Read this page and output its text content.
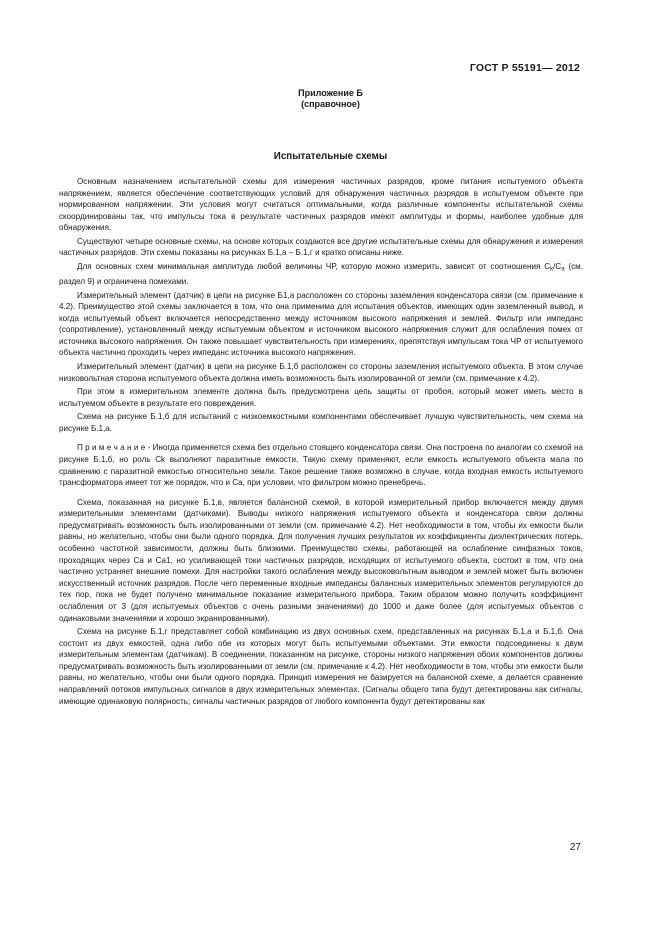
ГОСТ Р 55191— 2012
Приложение Б
(справочное)
Испытательные схемы

Основным назначением испытательной схемы для измерения частичных разрядов, кроме питания испытуемого объекта напряжением, является обеспечение соответствующих условий для обнаружения частичных разрядов в испытуемом объекте при нормированном напряжении. Эти условия могут считаться оптимальными, когда различные компоненты испытательной схемы скоординированы так, что импульсы тока в результате частичных разрядов имеют амплитуды и формы, наиболее удобные для обнаружения.

Существуют четыре основные схемы, на основе которых создаются все другие испытательные схемы для обнаружения и измерения частичных разрядов. Эти схемы показаны на рисунках Б.1,а – Б.1,г и кратко описаны ниже.

Для основных схем минимальная амплитуда любой величины ЧР, которую можно измерить, зависит от соотношения $C_k/C_a$ (см. раздел 9) и ограничена помехами.

Измерительный элемент (датчик) в цепи на рисунке Б1,а расположен со стороны заземления конденсатора связи (см. примечание к 4.2). Преимущество этой схемы заключается в том, что она применима для испытания объектов, имеющих один заземленный вывод, и когда испытуемый объект включается непосредственно между источником высокого напряжения и землей. Фильтр или импеданс (сопротивление), установленный между испытуемым объектом и источником высокого напряжения служит для ослабления помех от источника высокого напряжения. Он также повышает чувствительность при измерениях, препятствуя импульсам тока ЧР от испытуемого объекта частично проходить через импеданс источника высокого напряжения.

Измерительный элемент (датчик) в цепи на рисунке Б.1,б расположен со стороны заземления испытуемого объекта. В этом случае низковольтная сторона испытуемого объекта должна иметь возможность быть изолированной от земли (см. примечание к 4.2).

При этом в измерительном элементе должна быть предусмотрена цепь защиты от пробоя, который может иметь место в испытуемом объекте в результате его повреждения.

Схема на рисунке Б.1,б для испытаний с низкоемкостными компонентами обеспечивает лучшую чувствительность, чем схема на рисунке Б.1,а.

П р и м е ч а н и е - Иногда применяется схема без отдельно стоящего конденсатора связи. Она построена по аналогии со схемой на рисунке Б.1,б, но роль Ck выполняют паразитные емкости. Такую схему применяют, если емкость испытуемого объекта мала по сравнению с паразитной емкостью относительно земли. Такое решение также возможно в случае, когда входная емкость испытуемого трансформатора имеет тот же порядок, что и Ca, при условии, что фильтром можно пренебречь.

Схема, показанная на рисунке Б.1,в, является балансной схемой, в которой измерительный прибор включается между двумя измерительными элементами (датчиками). Выводы низкого напряжения испытуемого объекта и конденсатора связи должны предусматривать возможность быть изолированными от земли (см. примечание 4.2). Нет необходимости в том, чтобы их емкости были равны, но желательно, чтобы они были одного порядка. Для получения лучших результатов их коэффициенты диэлектрических потерь, особенно частотной зависимости, должны быть близкими. Преимущество схемы, работающей на ослабление синфазных токов, проходящих через Ca и Ca1, но усиливающей токи частичных разрядов, исходящих от испытуемого объекта, состоит в том, что она частично устраняет внешние помехи. Для настройки такого ослабления между высоковольтным выводом и землей может быть включен искусственный источник разрядов. После чего переменные входные импедансы балансных измерительных элементов регулируются до тех пор, пока не будет получено минимальное показание измерительного прибора. Таким образом можно получить коэффициент ослабления от 3 (для испытуемых объектов с очень разными значениями) до 1000 и даже более (для испытуемых объектов с одинаковыми значениями и хорошо экранированными).

Схема на рисунке Б.1,г представляет собой комбинацию из двух основных схем, представленных на рисунках Б.1,а и Б.1,б. Она состоит из двух емкостей, одна либо обе из которых могут быть испытуемыми объектами. Эти емкости подсоединены к двум измерительным элементам (датчикам). В соединении, показанном на рисунке, стороны низкого напряжения обоих компонентов должны предусматривать возможность быть изолированными от земли (см. примечание к 4.2). Нет необходимости в том, чтобы эти емкости были равны, но желательно, чтобы они были одного порядка. Принцип измерения не базируется на балансной схеме, а делается сравнение направлений потоков импульсных сигналов в двух измерительных элементах. (Сигналы общего типа будут детектированы как сигналы, имеющие одинаковую полярность; сигналы частичных разрядов от любого компонента будут детектированы как

27
